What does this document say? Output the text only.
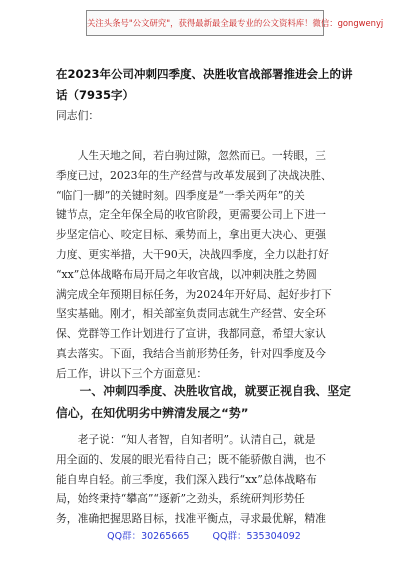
关注头条号"公文研究"，获得最新最全最专业的公文资料库！微信：gongwenyj
在2023年公司冲刺四季度、决胜收官战部署推进会上的讲
话（7935字）
同志们：
　　人生天地之间，若白驹过隙，忽然而已。一转眼，三
季度已过，2023年的生产经营与改革发展到了决战决胜、
“临门一脚”的关键时刻。四季度是“一季关两年”的关
键节点，定全年保全局的收官阶段，更需要公司上下进一
步坚定信心、咬定目标、乘势而上，拿出更大决心、更强
力度、更实举措，大干90天，决战四季度，全力以赴打好
“xx”总体战略布局开局之年收官战，以冲刺决胜之势圆
满完成全年预期目标任务，为2024年开好局、起好步打下
坚实基础。刚才，相关部室负责同志就生产经营、安全环
保、党群等工作计划进行了宣讲，我都同意，希望大家认
真去落实。下面，我结合当前形势任务，针对四季度及今
后工作，讲以下三个方面意见：
　　一、冲刺四季度、决胜收官战，就要正视自我、坚定
信心，在知优明劣中辨清发展之“势”
　　老子说：“知人者智，自知者明”。认清自己，就是
用全面的、发展的眼光看待自己；既不能骄傲自满，也不
能自卑自轻。前三季度，我们深入践行“xx”总体战略布
局，始终秉持“攀高”“逐新”之劲头，系统研判形势任
务，准确把握思路目标，找准平衡点，寻求最优解，精准
QQ群：30265665 QQ群：535304092
